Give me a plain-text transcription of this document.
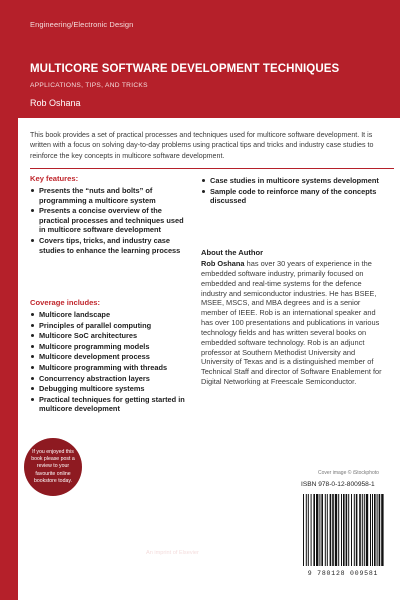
Engineering/Electronic Design
MULTICORE SOFTWARE DEVELOPMENT TECHNIQUES
APPLICATIONS, TIPS, AND TRICKS
Rob Oshana
This book provides a set of practical processes and techniques used for multicore software development. It is written with a focus on solving day-to-day problems using practical tips and tricks and industry case studies to reinforce the key concepts in multicore software development.
Key features:
Presents the “nuts and bolts” of programming a multicore system
Presents a concise overview of the practical processes and techniques used in multicore software development
Covers tips, tricks, and industry case studies to enhance the learning process
Case studies in multicore systems development
Sample code to reinforce many of the concepts discussed
Coverage includes:
Multicore landscape
Principles of parallel computing
Multicore SoC architectures
Multicore programming models
Multicore development process
Multicore programming with threads
Concurrency abstraction layers
Debugging multicore systems
Practical techniques for getting started in multicore development
About the Author
Rob Oshana has over 30 years of experience in the embedded software industry, primarily focused on embedded and real-time systems for the defence industry and semiconductor industries. He has BSEE, MSEE, MSCS, and MBA degrees and is a senior member of IEEE. Rob is an international speaker and has over 100 presentations and publications in various technology fields and has written several books on embedded software technology. Rob is an adjunct professor at Southern Methodist University and University of Texas and is a distinguished member of Technical Staff and director of Software Enablement for Digital Networking at Freescale Semiconductor.
If you enjoyed this book please post a review to your favourite online bookstore today.
Cover image © iStockphoto
ISBN 978-0-12-800958-1
9 780128 009581
ELSEVIER
Newnes
An imprint of Elsevier
www.newnespress.com
